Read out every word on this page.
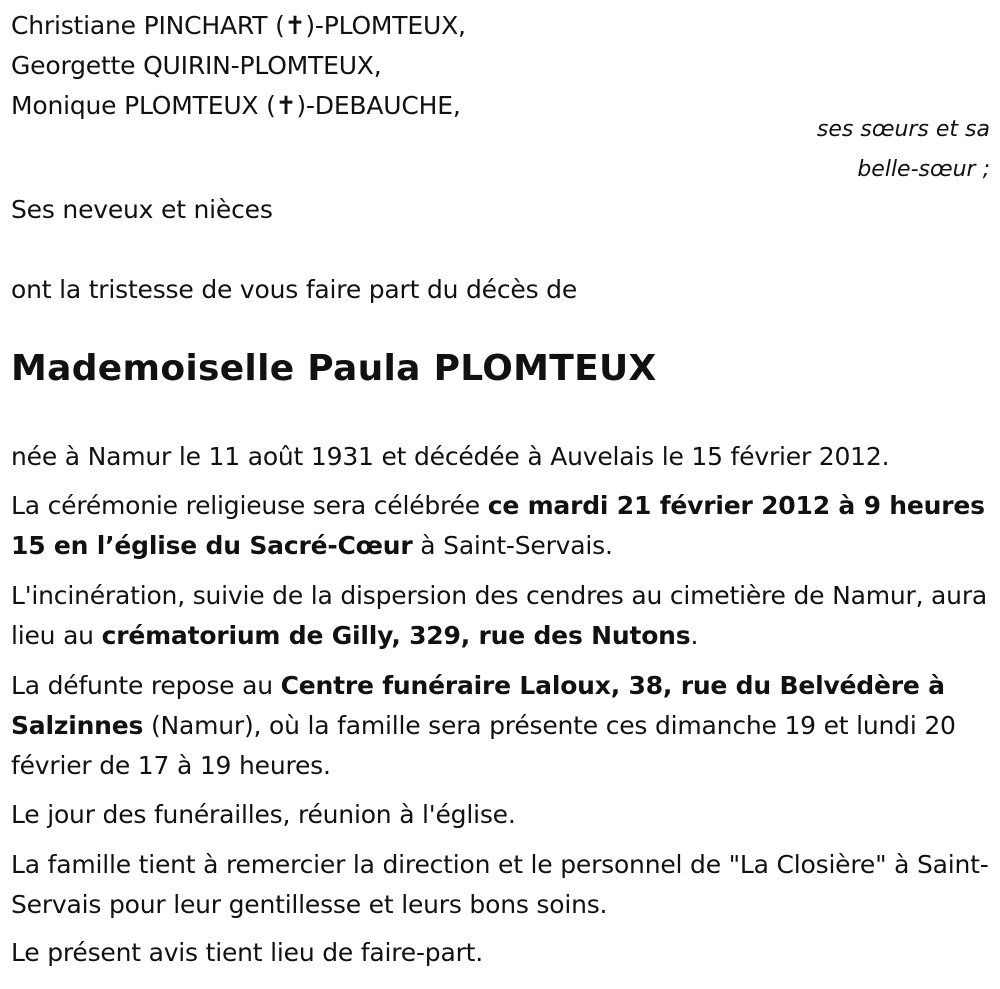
Christiane PINCHART (✝)-PLOMTEUX,
Georgette QUIRIN-PLOMTEUX,
Monique PLOMTEUX (✝)-DEBAUCHE,
ses sœurs et sa
belle-sœur ;
Ses neveux et nièces
ont la tristesse de vous faire part du décès de
Mademoiselle Paula PLOMTEUX
née à Namur le 11 août 1931 et décédée à Auvelais le 15 février 2012.
La cérémonie religieuse sera célébrée ce mardi 21 février 2012 à 9 heures 15 en l’église du Sacré-Cœur à Saint-Servais.
L'incinération, suivie de la dispersion des cendres au cimetière de Namur, aura lieu au crématorium de Gilly, 329, rue des Nutons.
La défunte repose au Centre funéraire Laloux, 38, rue du Belvédère à Salzinnes (Namur), où la famille sera présente ces dimanche 19 et lundi 20 février de 17 à 19 heures.
Le jour des funérailles, réunion à l'église.
La famille tient à remercier la direction et le personnel de "La Closière" à Saint-Servais pour leur gentillesse et leurs bons soins.
Le présent avis tient lieu de faire-part.
